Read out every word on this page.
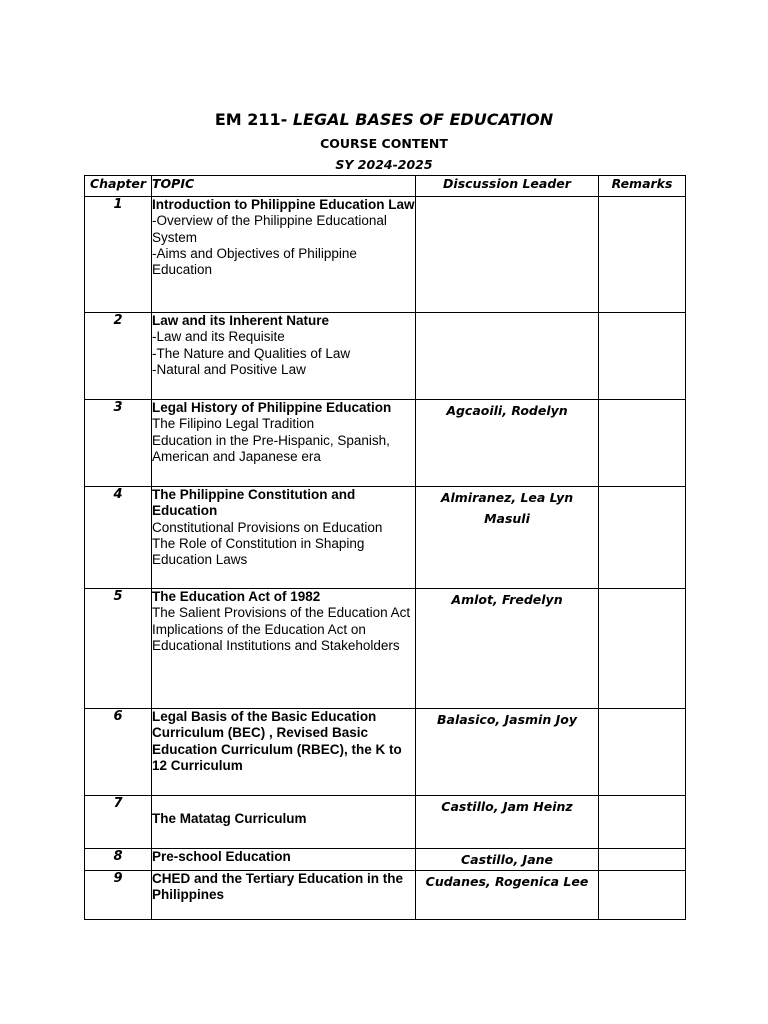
EM 211- LEGAL BASES OF EDUCATION
COURSE CONTENT
SY 2024-2025
Chapter	TOPIC	Discussion Leader	Remarks
1	Introduction to Philippine Education Law
-Overview of the Philippine Educational System
-Aims and Objectives of Philippine Education		

2	Law and its Inherent Nature
-Law and its Requisite
-The Nature and Qualities of Law
-Natural and Positive Law		

3	Legal History of Philippine Education
The Filipino Legal Tradition
Education in the Pre-Hispanic, Spanish, American and Japanese era	Agcaoili, Rodelyn	
4	The Philippine Constitution and Education
Constitutional Provisions on Education
The Role of Constitution in Shaping Education Laws	Almiranez, Lea Lyn Masuli	
5	The Education Act of 1982
The Salient Provisions of the Education Act
Implications of the Education Act on Educational Institutions and Stakeholders	Amlot, Fredelyn	
6	Legal Basis of the Basic Education Curriculum (BEC) , Revised Basic Education Curriculum (RBEC), the K to 12 Curriculum	Balasico, Jasmin Joy	
7	The Matatag Curriculum	Castillo, Jam Heinz	
8	Pre-school Education	Castillo, Jane	
9	CHED and the Tertiary Education in the Philippines	Cudanes, Rogenica Lee	
